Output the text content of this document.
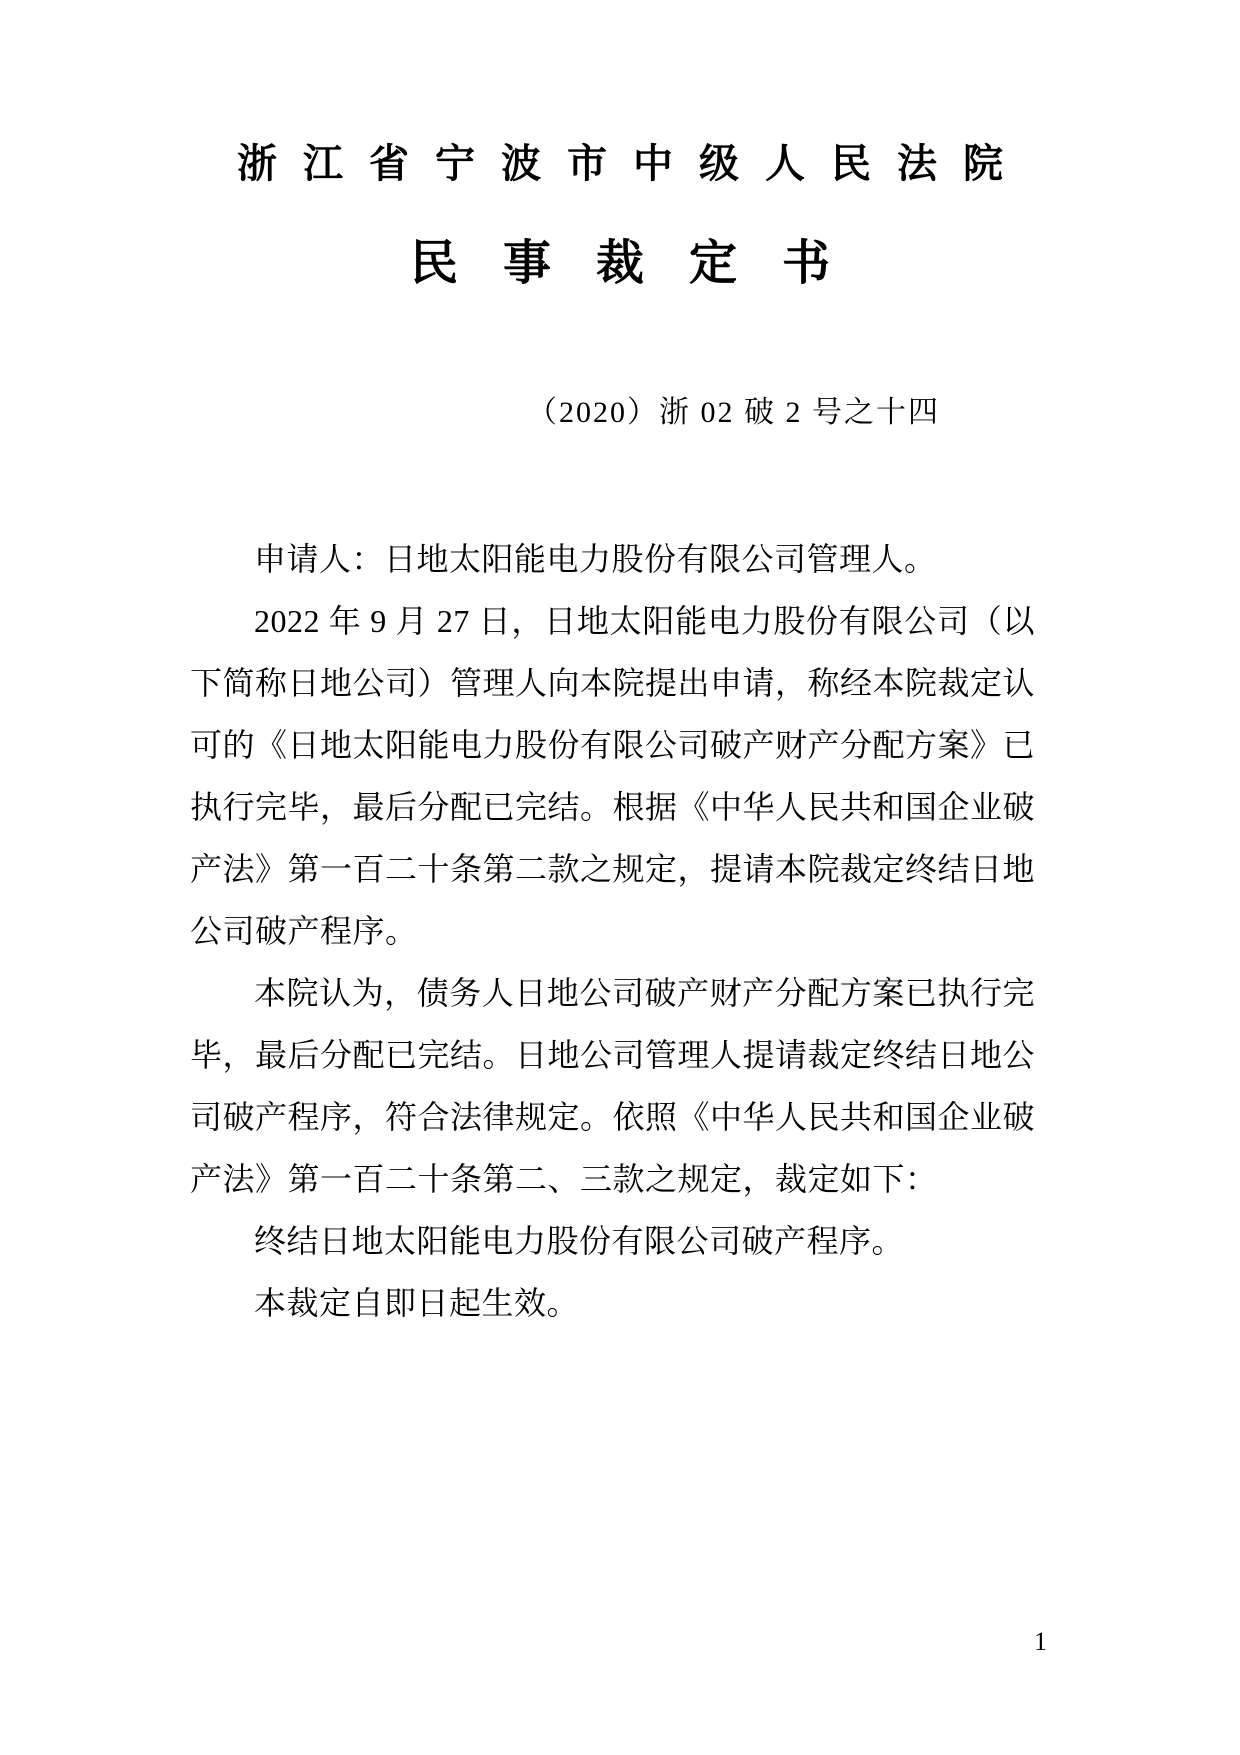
浙江省宁波市中级人民法院
民事裁定书
（2020）浙 02 破 2 号之十四

申请人：日地太阳能电力股份有限公司管理人。

2022 年 9 月 27 日，日地太阳能电力股份有限公司（以下简称日地公司）管理人向本院提出申请，称经本院裁定认可的《日地太阳能电力股份有限公司破产财产分配方案》已执行完毕，最后分配已完结。根据《中华人民共和国企业破产法》第一百二十条第二款之规定，提请本院裁定终结日地公司破产程序。

本院认为，债务人日地公司破产财产分配方案已执行完毕，最后分配已完结。日地公司管理人提请裁定终结日地公司破产程序，符合法律规定。依照《中华人民共和国企业破产法》第一百二十条第二、三款之规定，裁定如下：

终结日地太阳能电力股份有限公司破产程序。

本裁定自即日起生效。

1
